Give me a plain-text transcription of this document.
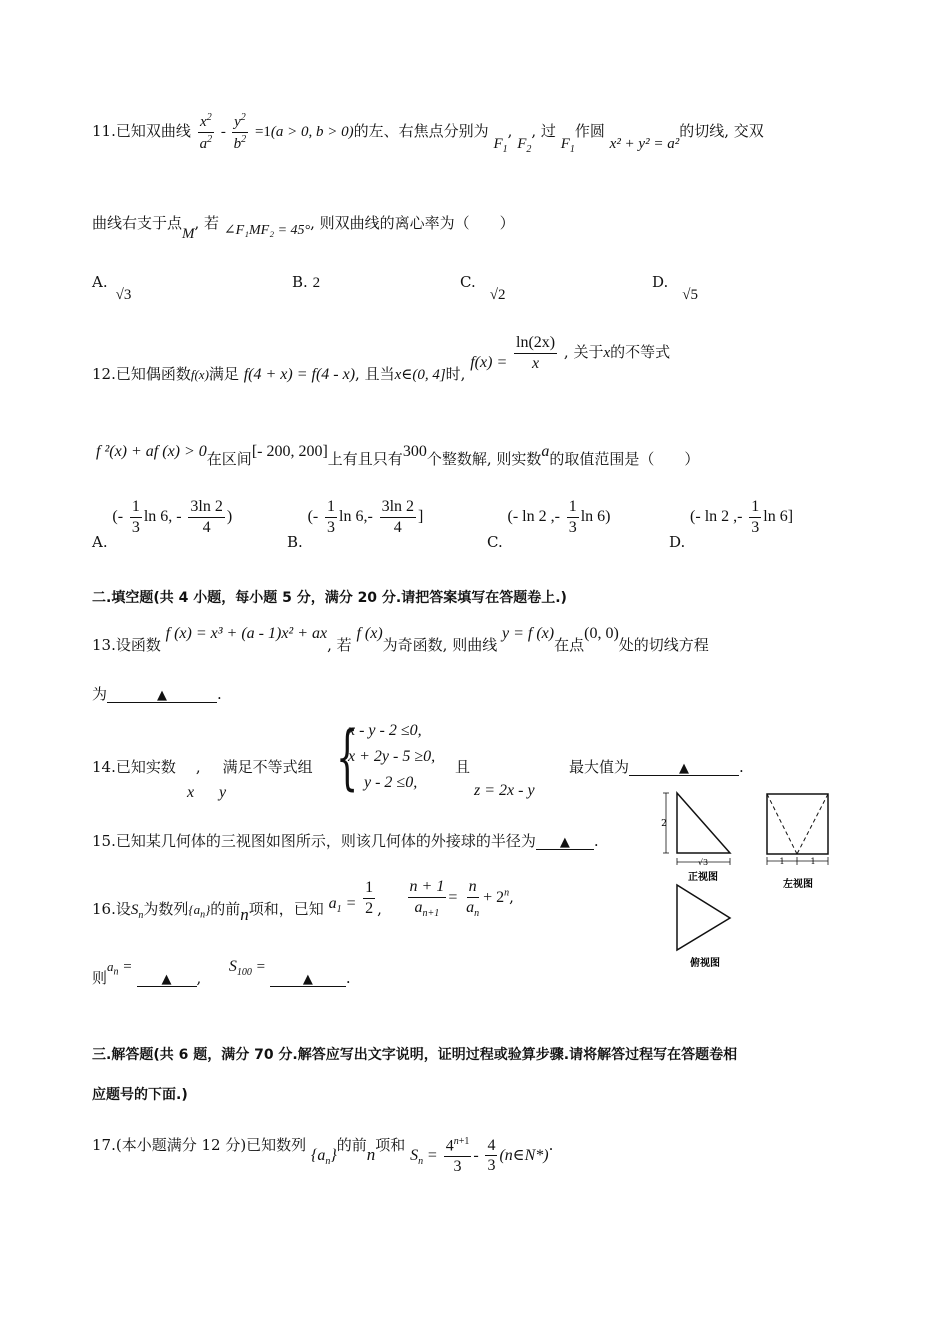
11.已知双曲线 $\frac{x^2}{a^2} - \frac{y^2}{b^2} =1(a > 0$, b > 0)的左、右焦点分别为 $F_1$, $F_2$, 过 $F_1$作圆 x² + y² = a²的切线, 交双
曲线右支于点M, 若 ∠F₁MF₂ = 45°, 则双曲线的离心率为（　　）
A.√3
B. 2	C.√2
D.√5
12.已知偶函数f(x)满足 f(4 + x) = f(4 - x), 且当x∈(0, 4]时, $f(x) = \frac{\ln(2x)}{x}$ , 关于x的不等式
f ²(x) + af (x) > 0在区间[- 200, 200]上有且只有300个整数解, 则实数a的取值范围是（　　）
A. (- $\frac{1}{3}$ ln 6, - $\frac{3\ln 2}{4}$ )
B. (- $\frac{1}{3}$ $\ln 6,- \frac{3\ln 2}{4}$ ]
C. (- ln 2 ,- $\frac{1}{3}$ ln 6)
D. (- ln 2 ,- $\frac{1}{3}$ ln 6]
二.填空题(共 4 小题，每小题 5 分，满分 20 分.请把答案填写在答题卷上.)
13.设函数 f (x) = x³ + (a - 1)x² + ax, 若 f (x)为奇函数, 则曲线 y = f (x)在点(0, 0)处的切线方程
为	▲	.
14.已知实数 , 满足不等式组
x y {
x - y - 2 ≤0,
x + 2y - 5 ≥0,
y - 2 ≤0,
且
z = 2x - y
最大值为	▲	.
15.已知某几何体的三视图如图所示，则该几何体的外接球的半径为 ▲ .
16.设$S_n$为数列$\{a_n\}$的前n项和，已知 $a_1 = \frac{1}{2}$ , $\frac{n + 1}{a_{n+1}} = \frac{n}{a_n} + 2^n$,
则$a_n$ = ▲ ,  $S_{100}$ = ▲ .
2
√3
正视图
1	1
左视图
俯视图
三.解答题(共 6 题，满分 70 分.解答应写出文字说明，证明过程或验算步骤.请将解答过程写在答题卷相
应题号的下面.)
17.(本小题满分 12 分)已知数列 $\{a_n\}$的前n项和 $S_n = \frac{4^{n+1}}{3} - \frac{4}{3}$ (n∈N*).
